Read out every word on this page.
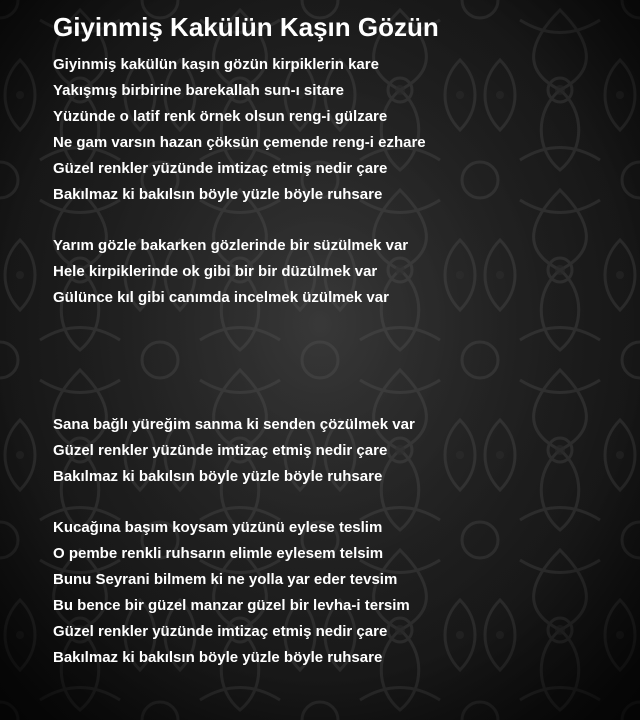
Giyinmiş Kakülün Kaşın Gözün

Giyinmiş kakülün kaşın gözün kirpiklerin kare

Yakışmış birbirine barekallah sun-ı sitare

Yüzünde o latif renk örnek olsun reng-i gülzare

Ne gam varsın hazan çöksün çemende reng-i ezhare

Güzel renkler yüzünde imtizaç etmiş nedir çare

Bakılmaz ki bakılsın böyle yüzle böyle ruhsare

Yarım gözle bakarken gözlerinde bir süzülmek var

Hele kirpiklerinde ok gibi bir bir düzülmek var

Gülünce kıl gibi canımda incelmek üzülmek var

Sana bağlı yüreğim sanma ki senden çözülmek var

Güzel renkler yüzünde imtizaç etmiş nedir çare

Bakılmaz ki bakılsın böyle yüzle böyle ruhsare

Kucağına başım koysam yüzünü eylese teslim

O pembe renkli ruhsarın elimle eylesem telsim

Bunu Seyrani bilmem ki ne yolla yar eder tevsim

Bu bence bir güzel manzar güzel bir levha-i tersim

Güzel renkler yüzünde imtizaç etmiş nedir çare

Bakılmaz ki bakılsın böyle yüzle böyle ruhsare
